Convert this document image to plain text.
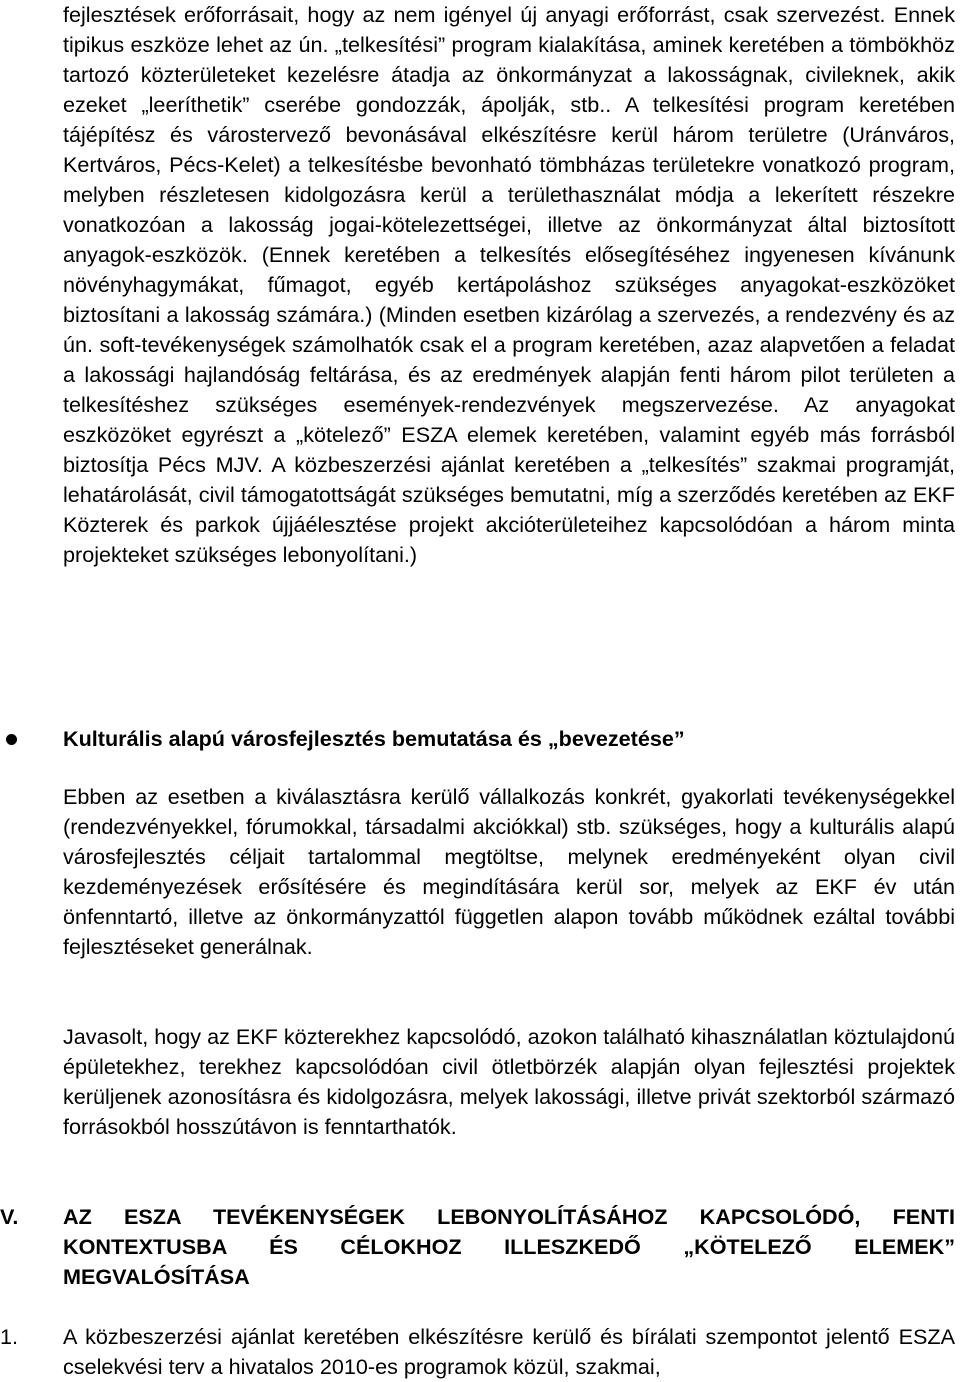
fejlesztések erőforrásait, hogy az nem igényel új anyagi erőforrást, csak szervezést. Ennek tipikus eszköze lehet az ún. „telkesítési” program kialakítása, aminek keretében a tömbökhöz tartozó közterületeket kezelésre átadja az önkormányzat a lakosságnak, civileknek, akik ezeket „leeríthetik” cserébe gondozzák, ápolják, stb.. A telkesítési program keretében tájépítész és várostervező bevonásával elkészítésre kerül három területre (Uránváros, Kertváros, Pécs-Kelet) a telkesítésbe bevonható tömbházas területekre vonatkozó program, melyben részletesen kidolgozásra kerül a területhasználat módja a lekerített részekre vonatkozóan a lakosság jogai-kötelezettségei, illetve az önkormányzat által biztosított anyagok-eszközök. (Ennek keretében a telkesítés elősegítéséhez ingyenesen kívánunk növényhagymákat, fűmagot, egyéb kertápoláshoz szükséges anyagokat-eszközöket biztosítani a lakosság számára.) (Minden esetben kizárólag a szervezés, a rendezvény és az ún. soft-tevékenységek számolhatók csak el a program keretében, azaz alapvetően a feladat a lakossági hajlandóság feltárása, és az eredmények alapján fenti három pilot területen a telkesítéshez szükséges események-rendezvények megszervezése. Az anyagokat eszközöket egyrészt a „kötelező” ESZA elemek keretében, valamint egyéb más forrásból biztosítja Pécs MJV. A közbeszerzési ajánlat keretében a „telkesítés” szakmai programját, lehatárolását, civil támogatottságát szükséges bemutatni, míg a szerződés keretében az EKF Közterek és parkok újjáélesztése projekt akcióterületeihez kapcsolódóan a három minta projekteket szükséges lebonyolítani.)

Kulturális alapú városfejlesztés bemutatása és „bevezetése”

Ebben az esetben a kiválasztásra kerülő vállalkozás konkrét, gyakorlati tevékenységekkel (rendezvényekkel, fórumokkal, társadalmi akciókkal) stb. szükséges, hogy a kulturális alapú városfejlesztés céljait tartalommal megtöltse, melynek eredményeként olyan civil kezdeményezések erősítésére és megindítására kerül sor, melyek az EKF év után önfenntartó, illetve az önkormányzattól független alapon tovább működnek ezáltal további fejlesztéseket generálnak.

Javasolt, hogy az EKF közterekhez kapcsolódó, azokon található kihasználatlan köztulajdonú épületekhez, terekhez kapcsolódóan civil ötletbörzék alapján olyan fejlesztési projektek kerüljenek azonosításra és kidolgozásra, melyek lakossági, illetve privát szektorból származó forrásokból hosszútávon is fenntarthatók.

V. AZ ESZA TEVÉKENYSÉGEK LEBONYOLÍTÁSÁHOZ KAPCSOLÓDÓ, FENTI KONTEXTUSBA ÉS CÉLOKHOZ ILLESZKEDŐ „KÖTELEZŐ ELEMEK” MEGVALÓSÍTÁSA

1. A közbeszerzési ajánlat keretében elkészítésre kerülő és bírálati szempontot jelentő ESZA cselekvési terv a hivatalos 2010-es programok közül, szakmai,
